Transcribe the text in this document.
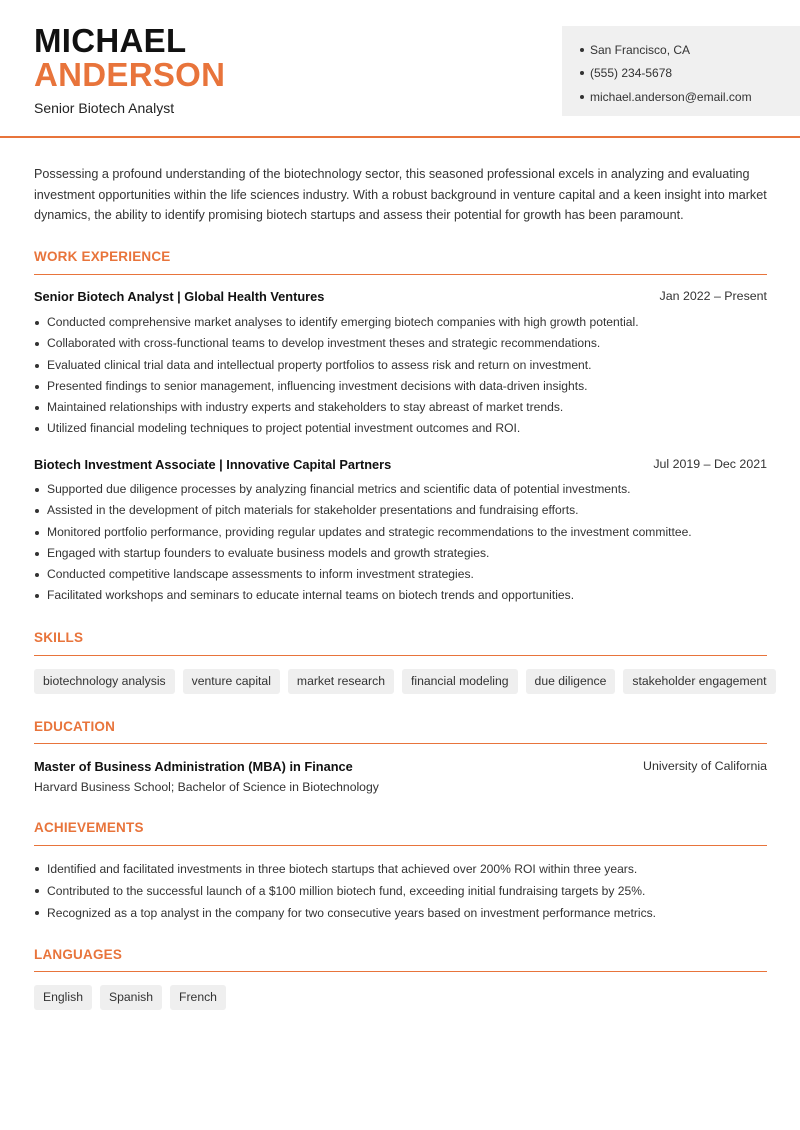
MICHAEL
ANDERSON
Senior Biotech Analyst
San Francisco, CA
(555) 234-5678
michael.anderson@email.com
Possessing a profound understanding of the biotechnology sector, this seasoned professional excels in analyzing and evaluating investment opportunities within the life sciences industry. With a robust background in venture capital and a keen insight into market dynamics, the ability to identify promising biotech startups and assess their potential for growth has been paramount.
WORK EXPERIENCE
Senior Biotech Analyst | Global Health Ventures	Jan 2022 – Present
Conducted comprehensive market analyses to identify emerging biotech companies with high growth potential.
Collaborated with cross-functional teams to develop investment theses and strategic recommendations.
Evaluated clinical trial data and intellectual property portfolios to assess risk and return on investment.
Presented findings to senior management, influencing investment decisions with data-driven insights.
Maintained relationships with industry experts and stakeholders to stay abreast of market trends.
Utilized financial modeling techniques to project potential investment outcomes and ROI.
Biotech Investment Associate | Innovative Capital Partners	Jul 2019 – Dec 2021
Supported due diligence processes by analyzing financial metrics and scientific data of potential investments.
Assisted in the development of pitch materials for stakeholder presentations and fundraising efforts.
Monitored portfolio performance, providing regular updates and strategic recommendations to the investment committee.
Engaged with startup founders to evaluate business models and growth strategies.
Conducted competitive landscape assessments to inform investment strategies.
Facilitated workshops and seminars to educate internal teams on biotech trends and opportunities.
SKILLS
biotechnology analysis	venture capital	market research	financial modeling	due diligence	stakeholder engagement
EDUCATION
Master of Business Administration (MBA) in Finance	University of California
Harvard Business School; Bachelor of Science in Biotechnology
ACHIEVEMENTS
Identified and facilitated investments in three biotech startups that achieved over 200% ROI within three years.
Contributed to the successful launch of a $100 million biotech fund, exceeding initial fundraising targets by 25%.
Recognized as a top analyst in the company for two consecutive years based on investment performance metrics.
LANGUAGES
English	Spanish	French
